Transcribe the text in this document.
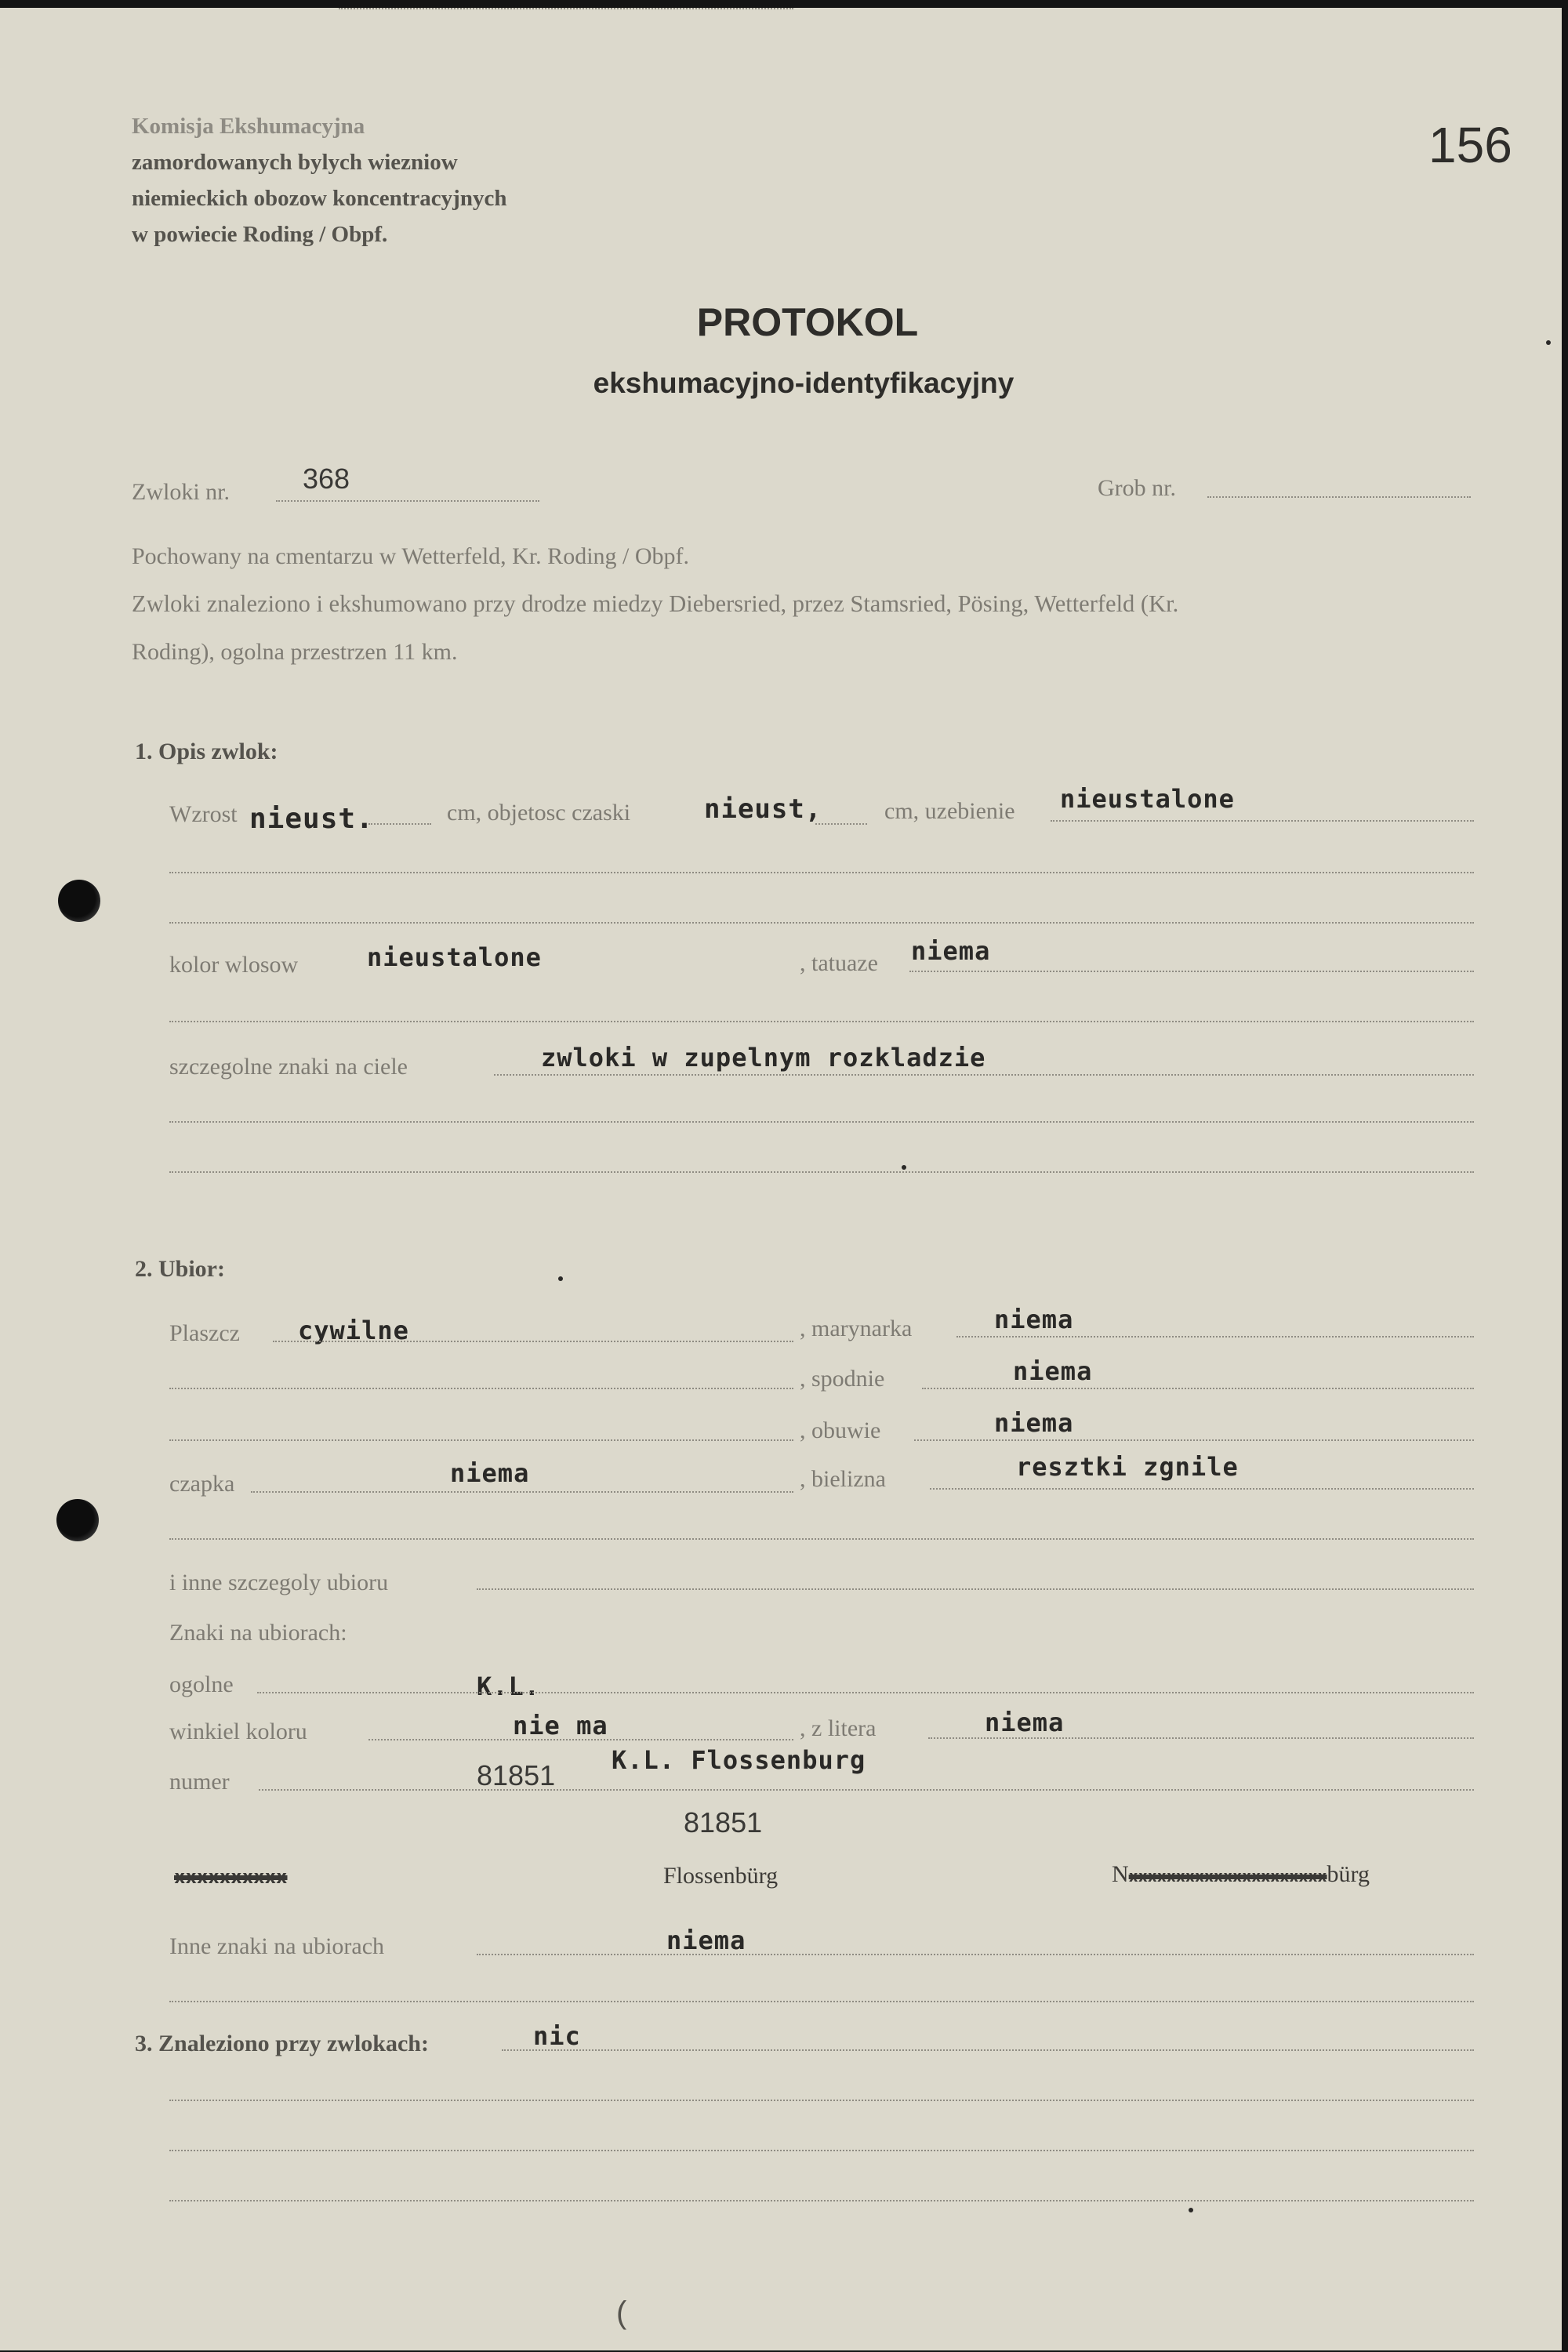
156
Komisja Ekshumacyjna
zamordowanych bylych wiezniow
niemieckich obozow koncentracyjnych
w powiecie Roding / Obpf.
PROTOKOL
ekshumacyjno-identyfikacyjny
Zwloki nr.	368	Grob nr.
Pochowany na cmentarzu w Wetterfeld, Kr. Roding / Obpf.
Zwloki znaleziono i ekshumowano przy drodze miedzy Diebersried, przez Stamsried, Pösing, Wetterfeld (Kr.
Roding), ogolna przestrzen 11 km.
1. Opis zwlok:
Wzrost nieust.	cm, objetosc czaski	nieust,	cm, uzebienie nieustalone
kolor wlosow	nieustalone	, tatuaze niema
szczegolne znaki na ciele	zwloki w zupelnym rozkladzie
2. Ubior:
Plaszcz cywilne	, marynarka	niema
, spodnie	niema
, obuwie	niema
czapka	niema	, bielizna	resztki zgnile
i inne szczegoly ubioru
Znaki na ubiorach:
ogolne	K.L.
winkiel koloru	nie ma	, z litera	niema
numer	81851 K.L. Flossenburg
81851
xxxxxxxxxx	Flossenbürg	Nxxxxxxxxxxxxxxxxxxxxxbürg
Inne znaki na ubiorach	niema
3. Znaleziono przy zwlokach:	nic
(
